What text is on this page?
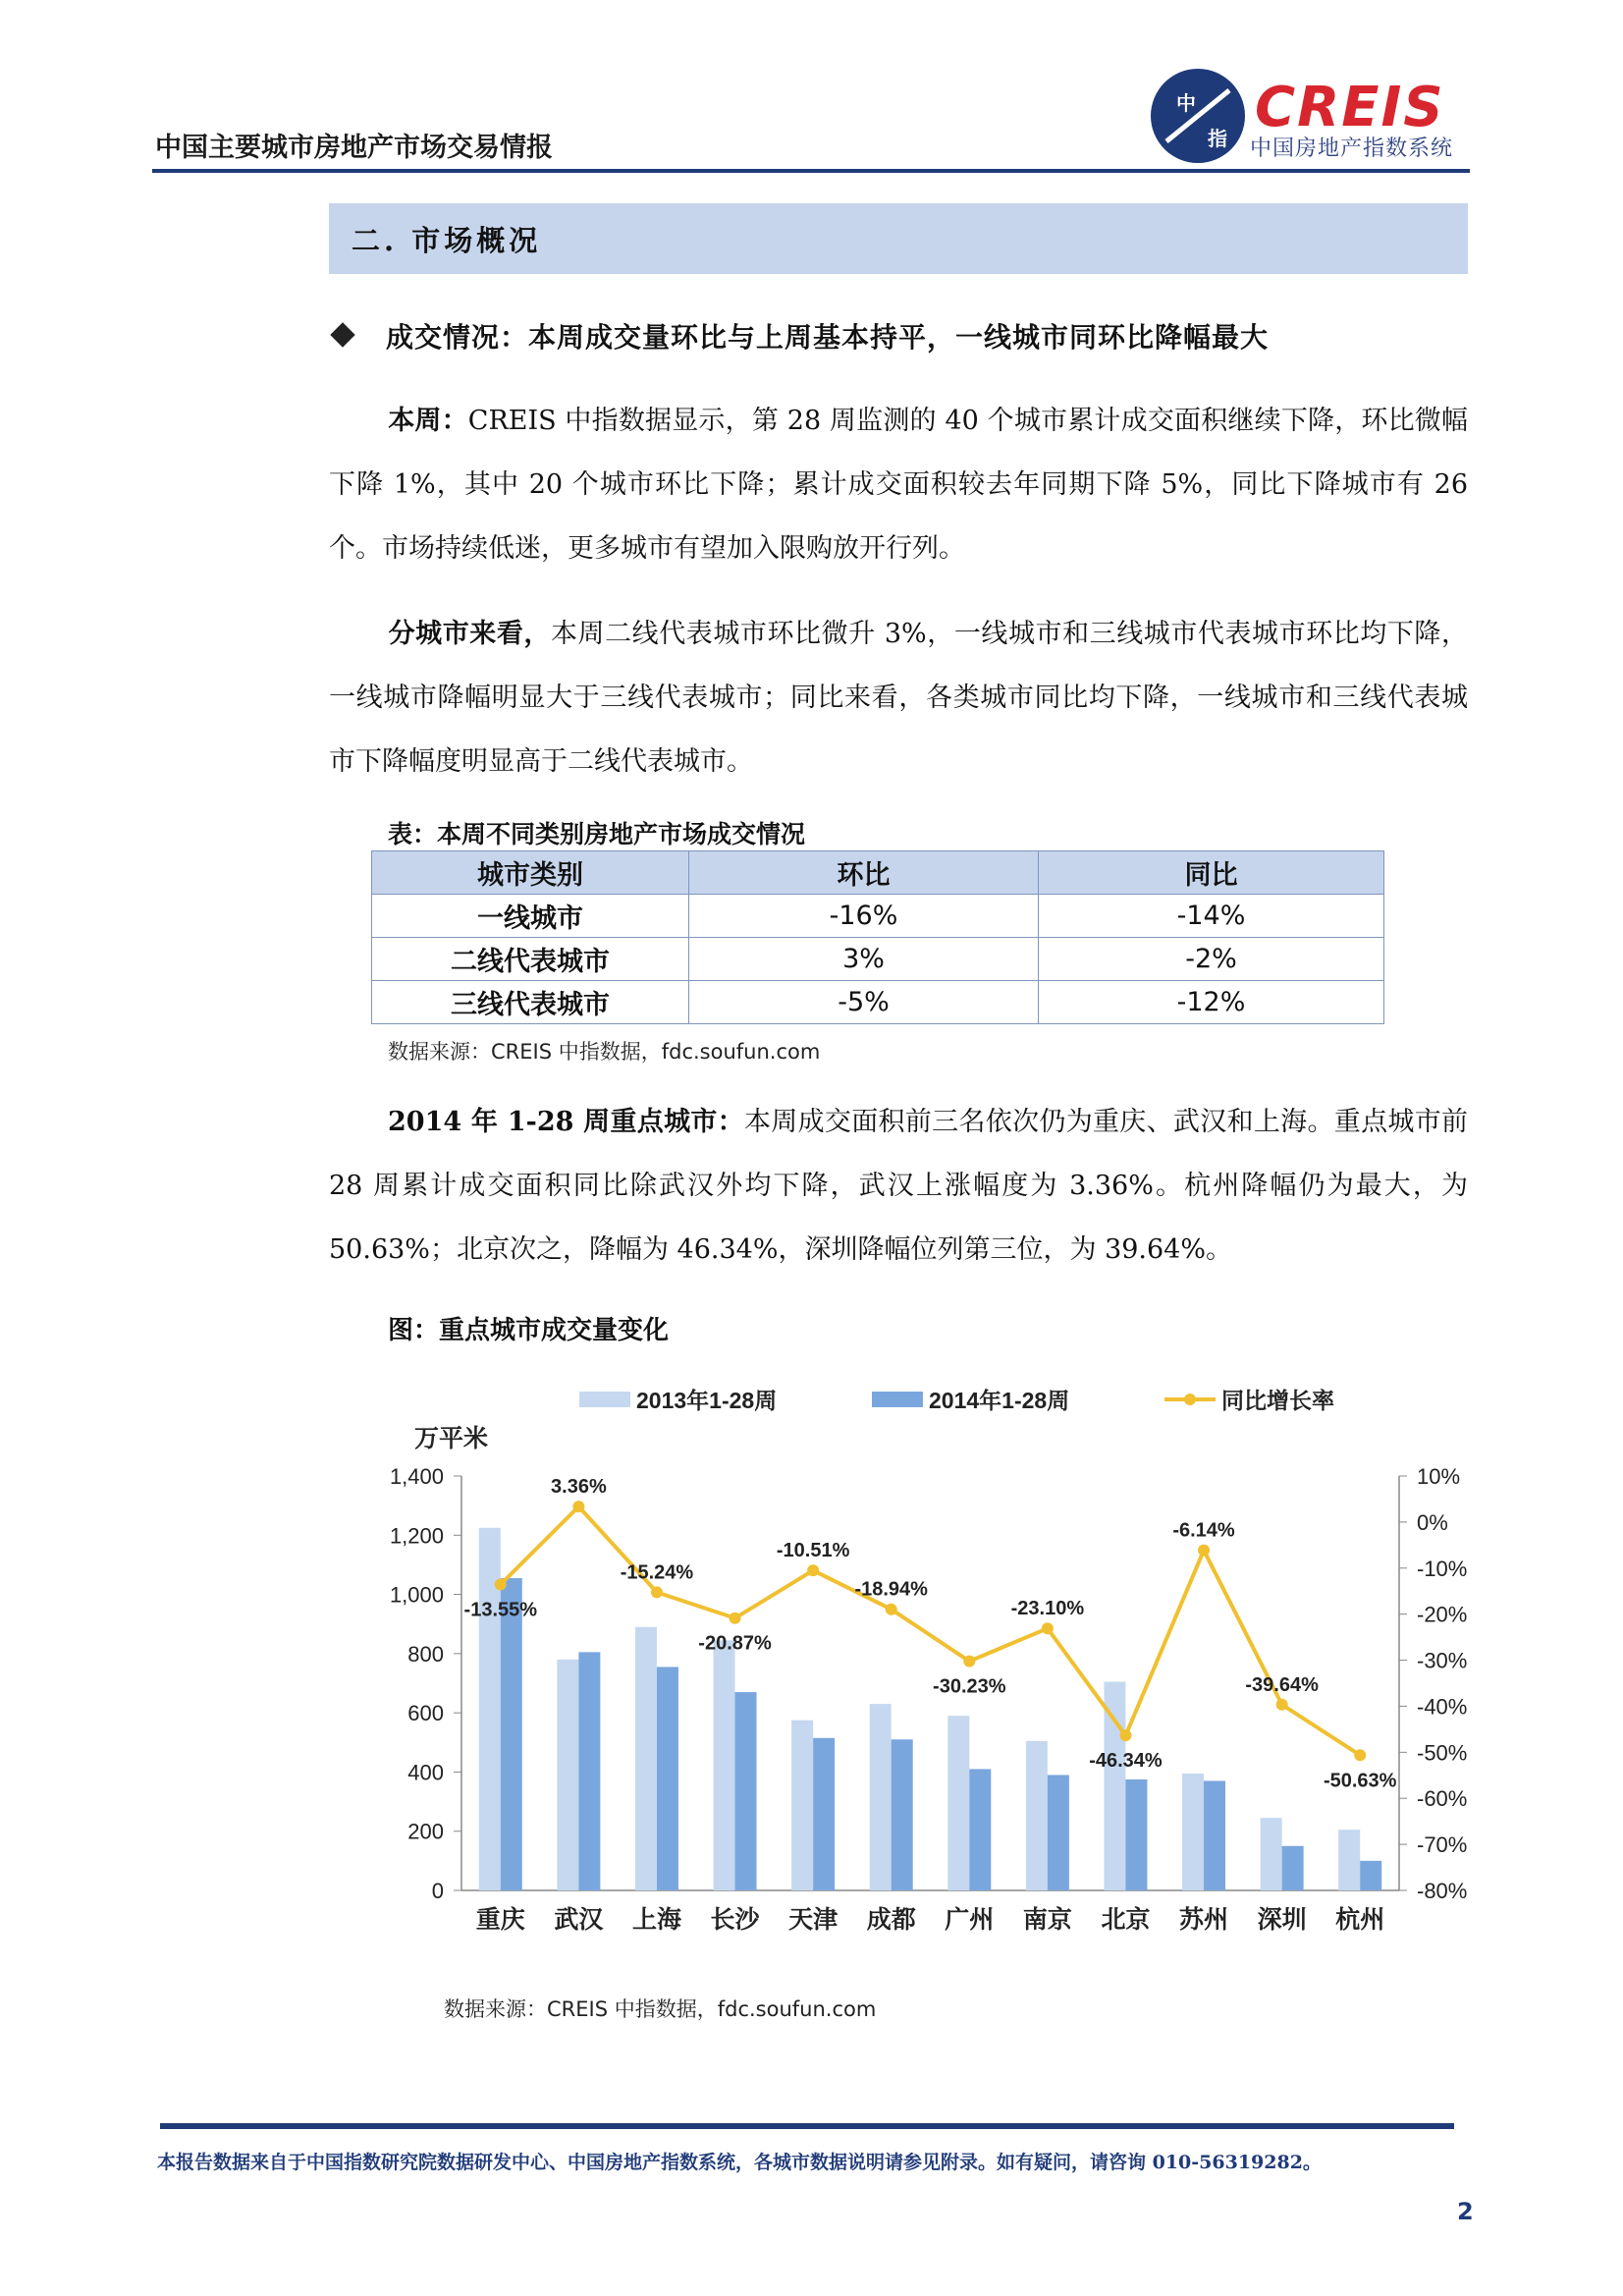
中国主要城市房地产市场交易情报
中
指 CREIS
中国房地产指数系统
二. 市场概况
成交情况：本周成交量环比与上周基本持平，一线城市同环比降幅最大
本周：CREIS 中指数据显示，第 28 周监测的 40 个城市累计成交面积继续下降，环比微幅下降 1%，其中 20 个城市环比下降；累计成交面积较去年同期下降 5%，同比下降城市有 26 个。市场持续低迷，更多城市有望加入限购放开行列。
分城市来看，本周二线代表城市环比微升 3%，一线城市和三线城市代表城市环比均下降，一线城市降幅明显大于三线代表城市；同比来看，各类城市同比均下降，一线城市和三线代表城市下降幅度明显高于二线代表城市。
表：本周不同类别房地产市场成交情况
城市类别	环比	同比
一线城市	-16%	-14%
二线代表城市	3%	-2%
三线代表城市	-5%	-12%
数据来源：CREIS 中指数据，fdc.soufun.com
2014 年 1-28 周重点城市：本周成交面积前三名依次仍为重庆、武汉和上海。重点城市前 28 周累计成交面积同比除武汉外均下降，武汉上涨幅度为 3.36%。杭州降幅仍为最大，为 50.63%；北京次之，降幅为 46.34%，深圳降幅位列第三位，为 39.64%。
图：重点城市成交量变化
1,400
1,200
1,000
800
600
400
200
0
10%
0%
-10%
-20%
-30%
-40%
-50%
-60%
-70%
-80%
万平米
重庆 武汉 上海 长沙 天津 成都 广州 南京 北京 苏州 深圳 杭州
-13.55%
3.36%
-15.24%
-20.87%
-10.51%
-18.94%
-30.23%
-23.10%
-46.34%
-6.14%
-39.64%
-50.63%
2013年1-28周	2014年1-28周	同比增长率
数据来源：CREIS 中指数据，fdc.soufun.com
本报告数据来自于中国指数研究院数据研发中心、中国房地产指数系统，各城市数据说明请参见附录。如有疑问，请咨询 010-56319282。
2
